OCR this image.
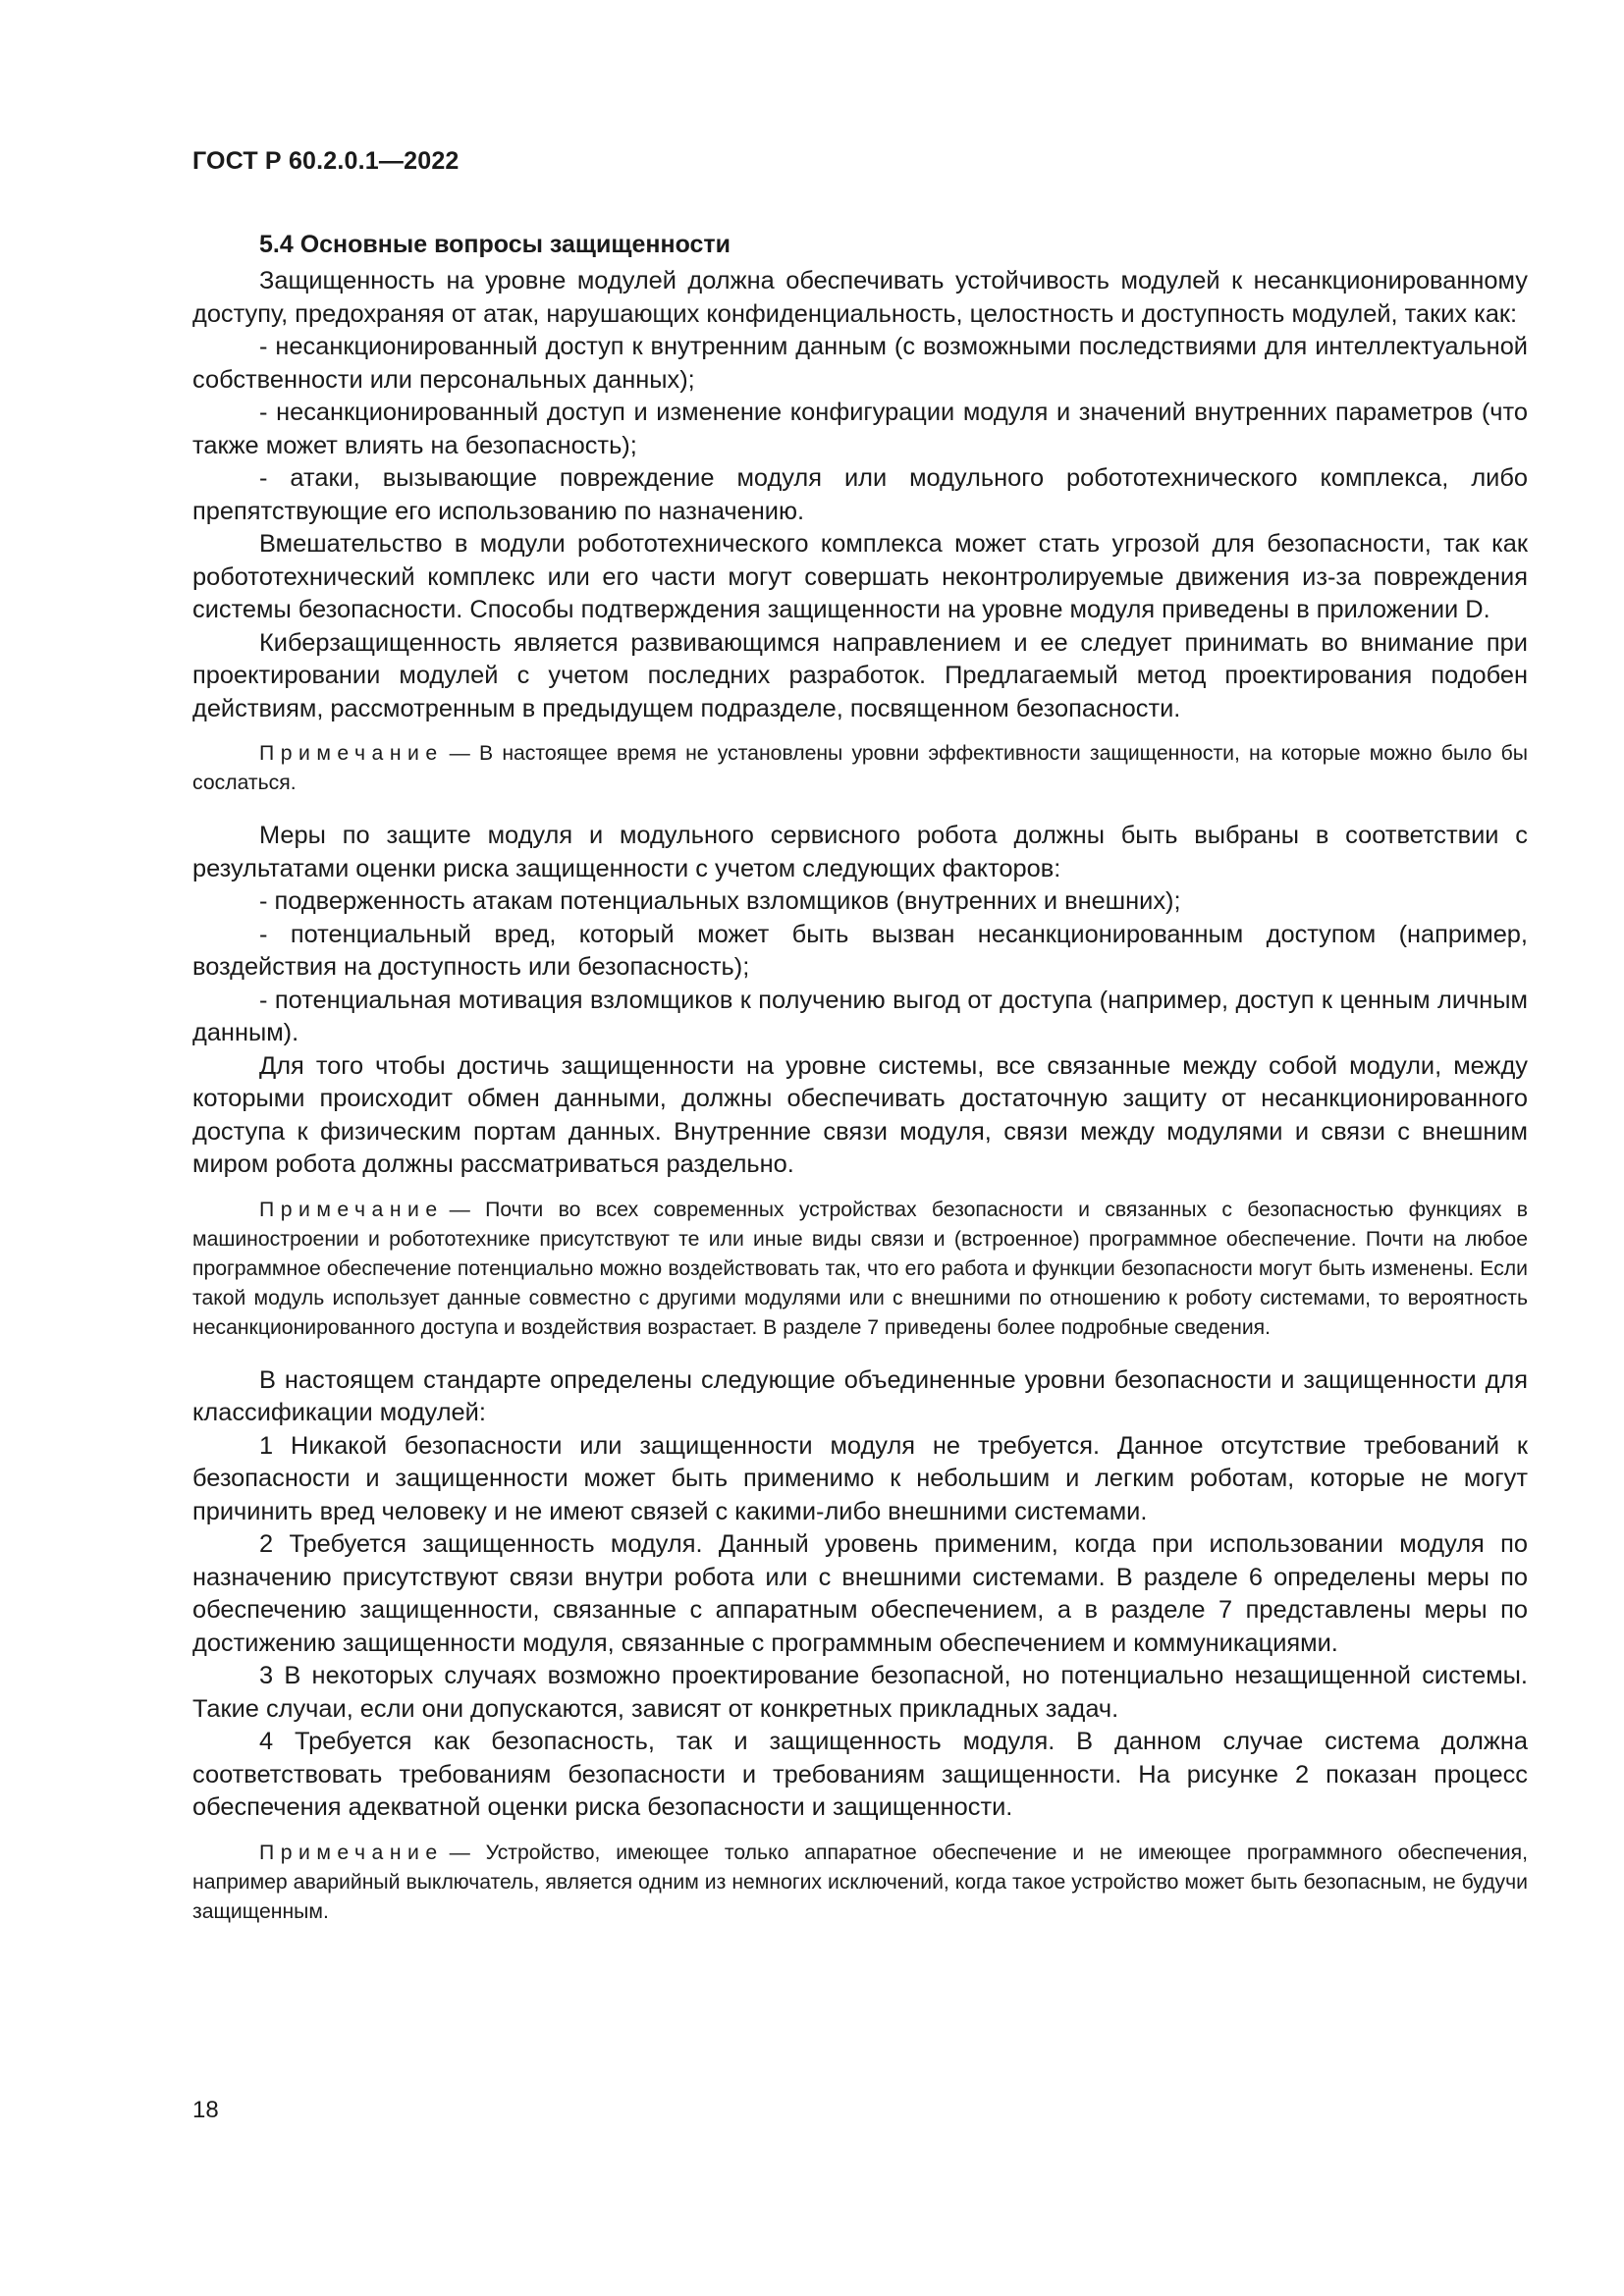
ГОСТ Р 60.2.0.1—2022
5.4 Основные вопросы защищенности

Защищенность на уровне модулей должна обеспечивать устойчивость модулей к несанкционированному доступу, предохраняя от атак, нарушающих конфиденциальность, целостность и доступность модулей, таких как:

- несанкционированный доступ к внутренним данным (с возможными последствиями для интеллектуальной собственности или персональных данных);

- несанкционированный доступ и изменение конфигурации модуля и значений внутренних параметров (что также может влиять на безопасность);

- атаки, вызывающие повреждение модуля или модульного робототехнического комплекса, либо препятствующие его использованию по назначению.

Вмешательство в модули робототехнического комплекса может стать угрозой для безопасности, так как робототехнический комплекс или его части могут совершать неконтролируемые движения из-за повреждения системы безопасности. Способы подтверждения защищенности на уровне модуля приведены в приложении D.

Киберзащищенность является развивающимся направлением и ее следует принимать во внимание при проектировании модулей с учетом последних разработок. Предлагаемый метод проектирования подобен действиям, рассмотренным в предыдущем подразделе, посвященном безопасности.

Примечание — В настоящее время не установлены уровни эффективности защищенности, на которые можно было бы сослаться.

Меры по защите модуля и модульного сервисного робота должны быть выбраны в соответствии с результатами оценки риска защищенности с учетом следующих факторов:

- подверженность атакам потенциальных взломщиков (внутренних и внешних);

- потенциальный вред, который может быть вызван несанкционированным доступом (например, воздействия на доступность или безопасность);

- потенциальная мотивация взломщиков к получению выгод от доступа (например, доступ к ценным личным данным).

Для того чтобы достичь защищенности на уровне системы, все связанные между собой модули, между которыми происходит обмен данными, должны обеспечивать достаточную защиту от несанкционированного доступа к физическим портам данных. Внутренние связи модуля, связи между модулями и связи с внешним миром робота должны рассматриваться раздельно.

Примечание — Почти во всех современных устройствах безопасности и связанных с безопасностью функциях в машиностроении и робототехнике присутствуют те или иные виды связи и (встроенное) программное обеспечение. Почти на любое программное обеспечение потенциально можно воздействовать так, что его работа и функции безопасности могут быть изменены. Если такой модуль использует данные совместно с другими модулями или с внешними по отношению к роботу системами, то вероятность несанкционированного доступа и воздействия возрастает. В разделе 7 приведены более подробные сведения.

В настоящем стандарте определены следующие объединенные уровни безопасности и защищенности для классификации модулей:

1 Никакой безопасности или защищенности модуля не требуется. Данное отсутствие требований к безопасности и защищенности может быть применимо к небольшим и легким роботам, которые не могут причинить вред человеку и не имеют связей с какими-либо внешними системами.

2 Требуется защищенность модуля. Данный уровень применим, когда при использовании модуля по назначению присутствуют связи внутри робота или с внешними системами. В разделе 6 определены меры по обеспечению защищенности, связанные с аппаратным обеспечением, а в разделе 7 представлены меры по достижению защищенности модуля, связанные с программным обеспечением и коммуникациями.

3 В некоторых случаях возможно проектирование безопасной, но потенциально незащищенной системы. Такие случаи, если они допускаются, зависят от конкретных прикладных задач.

4 Требуется как безопасность, так и защищенность модуля. В данном случае система должна соответствовать требованиям безопасности и требованиям защищенности. На рисунке 2 показан процесс обеспечения адекватной оценки риска безопасности и защищенности.

Примечание — Устройство, имеющее только аппаратное обеспечение и не имеющее программного обеспечения, например аварийный выключатель, является одним из немногих исключений, когда такое устройство может быть безопасным, не будучи защищенным.

18
